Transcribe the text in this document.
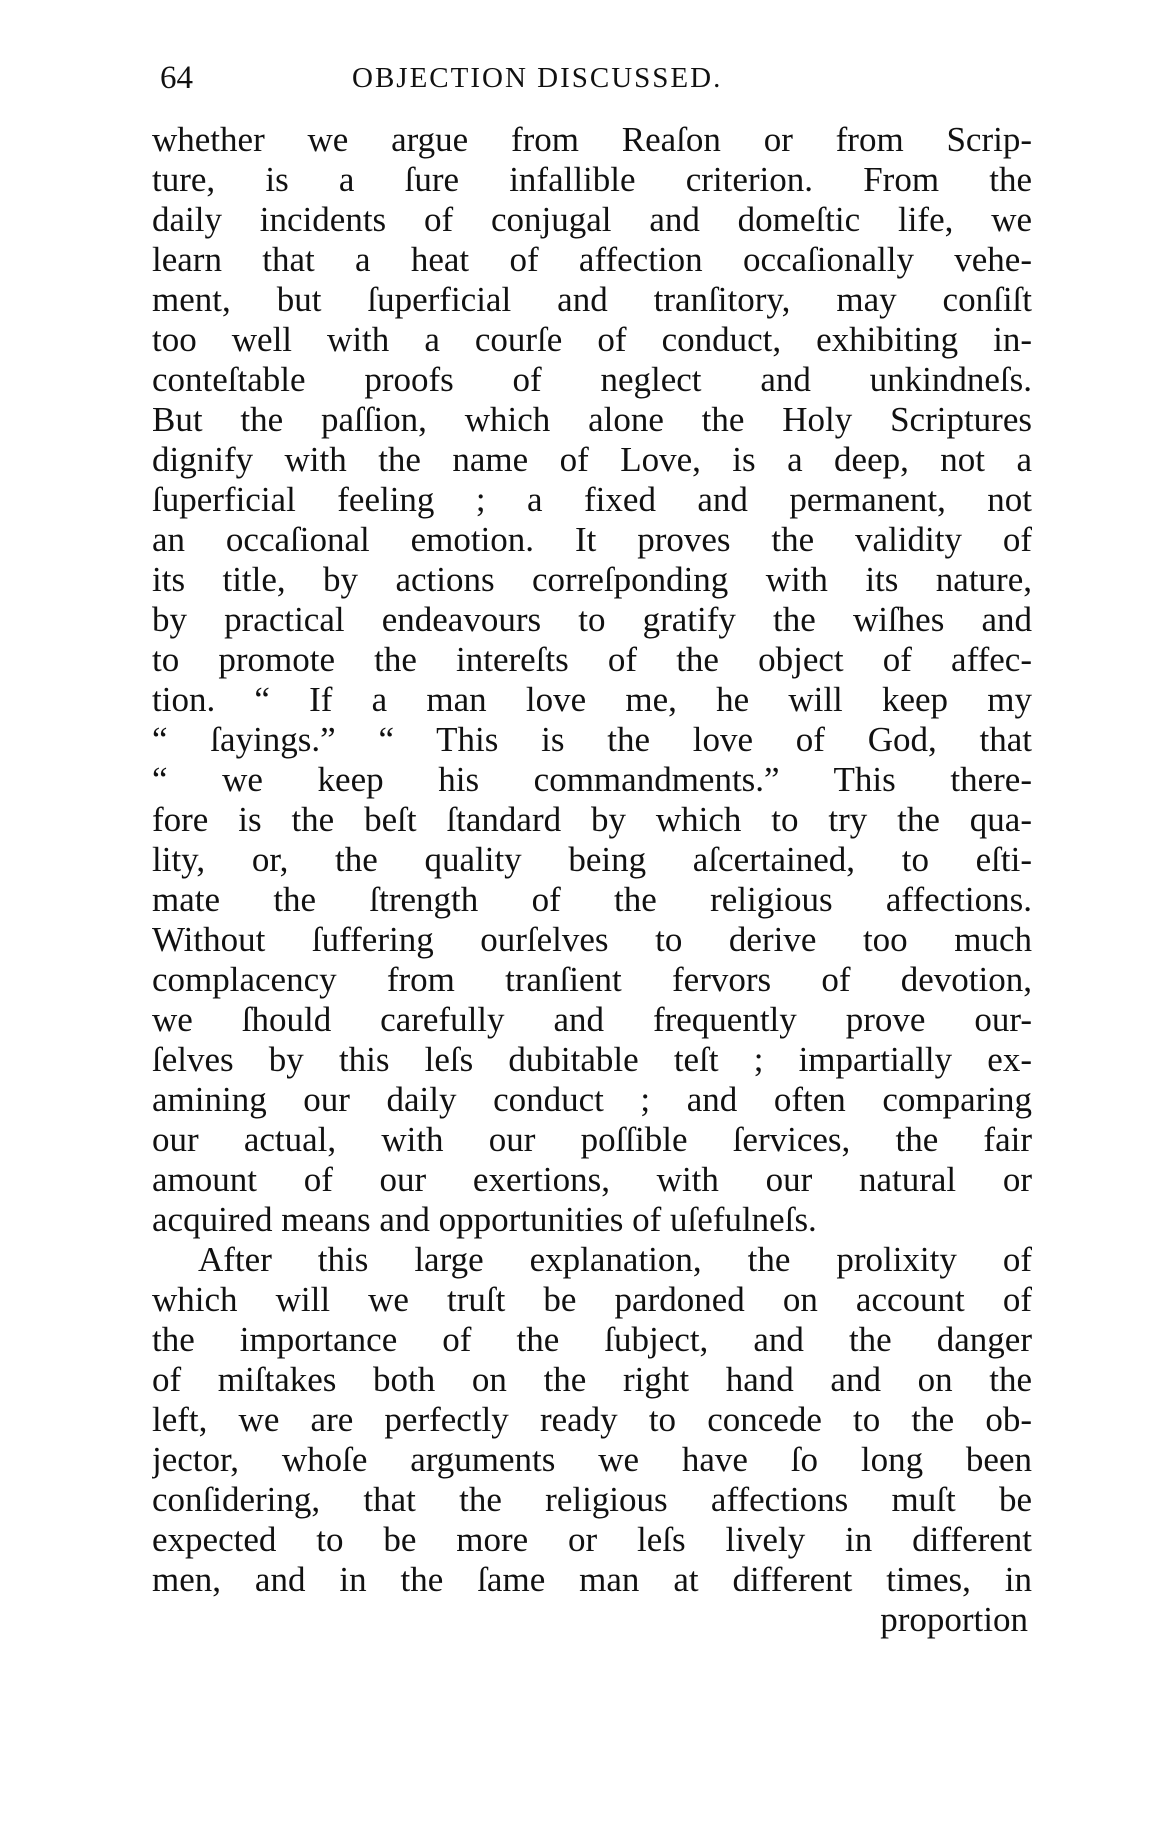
64	OBJECTION DISCUSSED.
whether we argue from Reaſon or from Scrip-
ture, is a ſure infallible criterion. From the
daily incidents of conjugal and domeſtic life, we
learn that a heat of affection occaſionally vehe-
ment, but ſuperficial and tranſitory, may conſiſt
too well with a courſe of conduct, exhibiting in-
conteſtable proofs of neglect and unkindneſs.
But the paſſion, which alone the Holy Scriptures
dignify with the name of Love, is a deep, not a
ſuperficial feeling ; a fixed and permanent, not
an occaſional emotion. It proves the validity of
its title, by actions correſponding with its nature,
by practical endeavours to gratify the wiſhes and
to promote the intereſts of the object of affec-
tion. “ If a man love me, he will keep my
“ ſayings.” “ This is the love of God, that
“ we keep his commandments.” This there-
fore is the beſt ſtandard by which to try the qua-
lity, or, the quality being aſcertained, to eſti-
mate the ſtrength of the religious affections.
Without ſuffering ourſelves to derive too much
complacency from tranſient fervors of devotion,
we ſhould carefully and frequently prove our-
ſelves by this leſs dubitable teſt ; impartially ex-
amining our daily conduct ; and often comparing
our actual, with our poſſible ſervices, the fair
amount of our exertions, with our natural or
acquired means and opportunities of uſefulneſs.
After this large explanation, the prolixity of
which will we truſt be pardoned on account of
the importance of the ſubject, and the danger
of miſtakes both on the right hand and on the
left, we are perfectly ready to concede to the ob-
jector, whoſe arguments we have ſo long been
conſidering, that the religious affections muſt be
expected to be more or leſs lively in different
men, and in the ſame man at different times, in
proportion
